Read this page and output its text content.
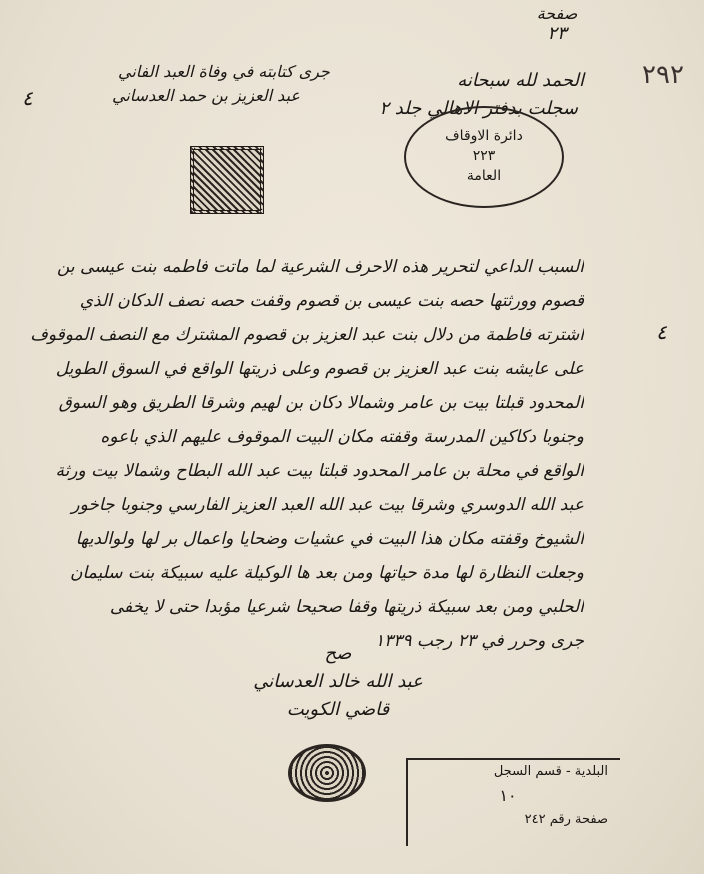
صفحة
٢٣
٢٩٢
الحمد لله سبحانه
سجلت بدفتر الاهالي جلد ٢
جرى كتابته في وفاة العبد الفاني
عبد العزيز بن حمد العدساني
٤
دائرة الاوقاف
٢٢٣
العامة
السبب الداعي لتحرير هذه الاحرف الشرعية لما ماتت فاطمه بنت عيسى بن
قصوم وورثتها حصه بنت عيسى بن قصوم وقفت حصه نصف الدكان الذي
اشترته فاطمة من دلال بنت عبد العزيز بن قصوم المشترك مع النصف الموقوف
على عايشه بنت عبد العزيز بن قصوم وعلى ذريتها الواقع في السوق الطويل
المحدود قبلتا بيت بن عامر وشمالا دكان بن لهيم وشرقا الطريق وهو السوق
وجنوبا دكاكين المدرسة وقفته مكان البيت الموقوف عليهم الذي باعوه
الواقع في محلة بن عامر المحدود قبلتا بيت عبد الله البطاح وشمالا بيت ورثة
عبد الله الدوسري وشرقا بيت عبد الله العبد العزيز الفارسي وجنوبا جاخور
الشيوخ وقفته مكان هذا البيت في عشيات وضحايا واعمال بر لها ولوالديها
وجعلت النظارة لها مدة حياتها ومن بعد ها الوكيلة عليه سبيكة بنت سليمان
الحلبي ومن بعد سبيكة ذريتها وقفا صحيحا شرعيا مؤبدا حتى لا يخفى
جرى وحرر في ٢٣ رجب ١٣٣٩
٤
صح
عبد الله خالد العدساني
قاضي الكويت
البلدية - قسم السجل
١٠
صفحة رقم ٢٤٢
